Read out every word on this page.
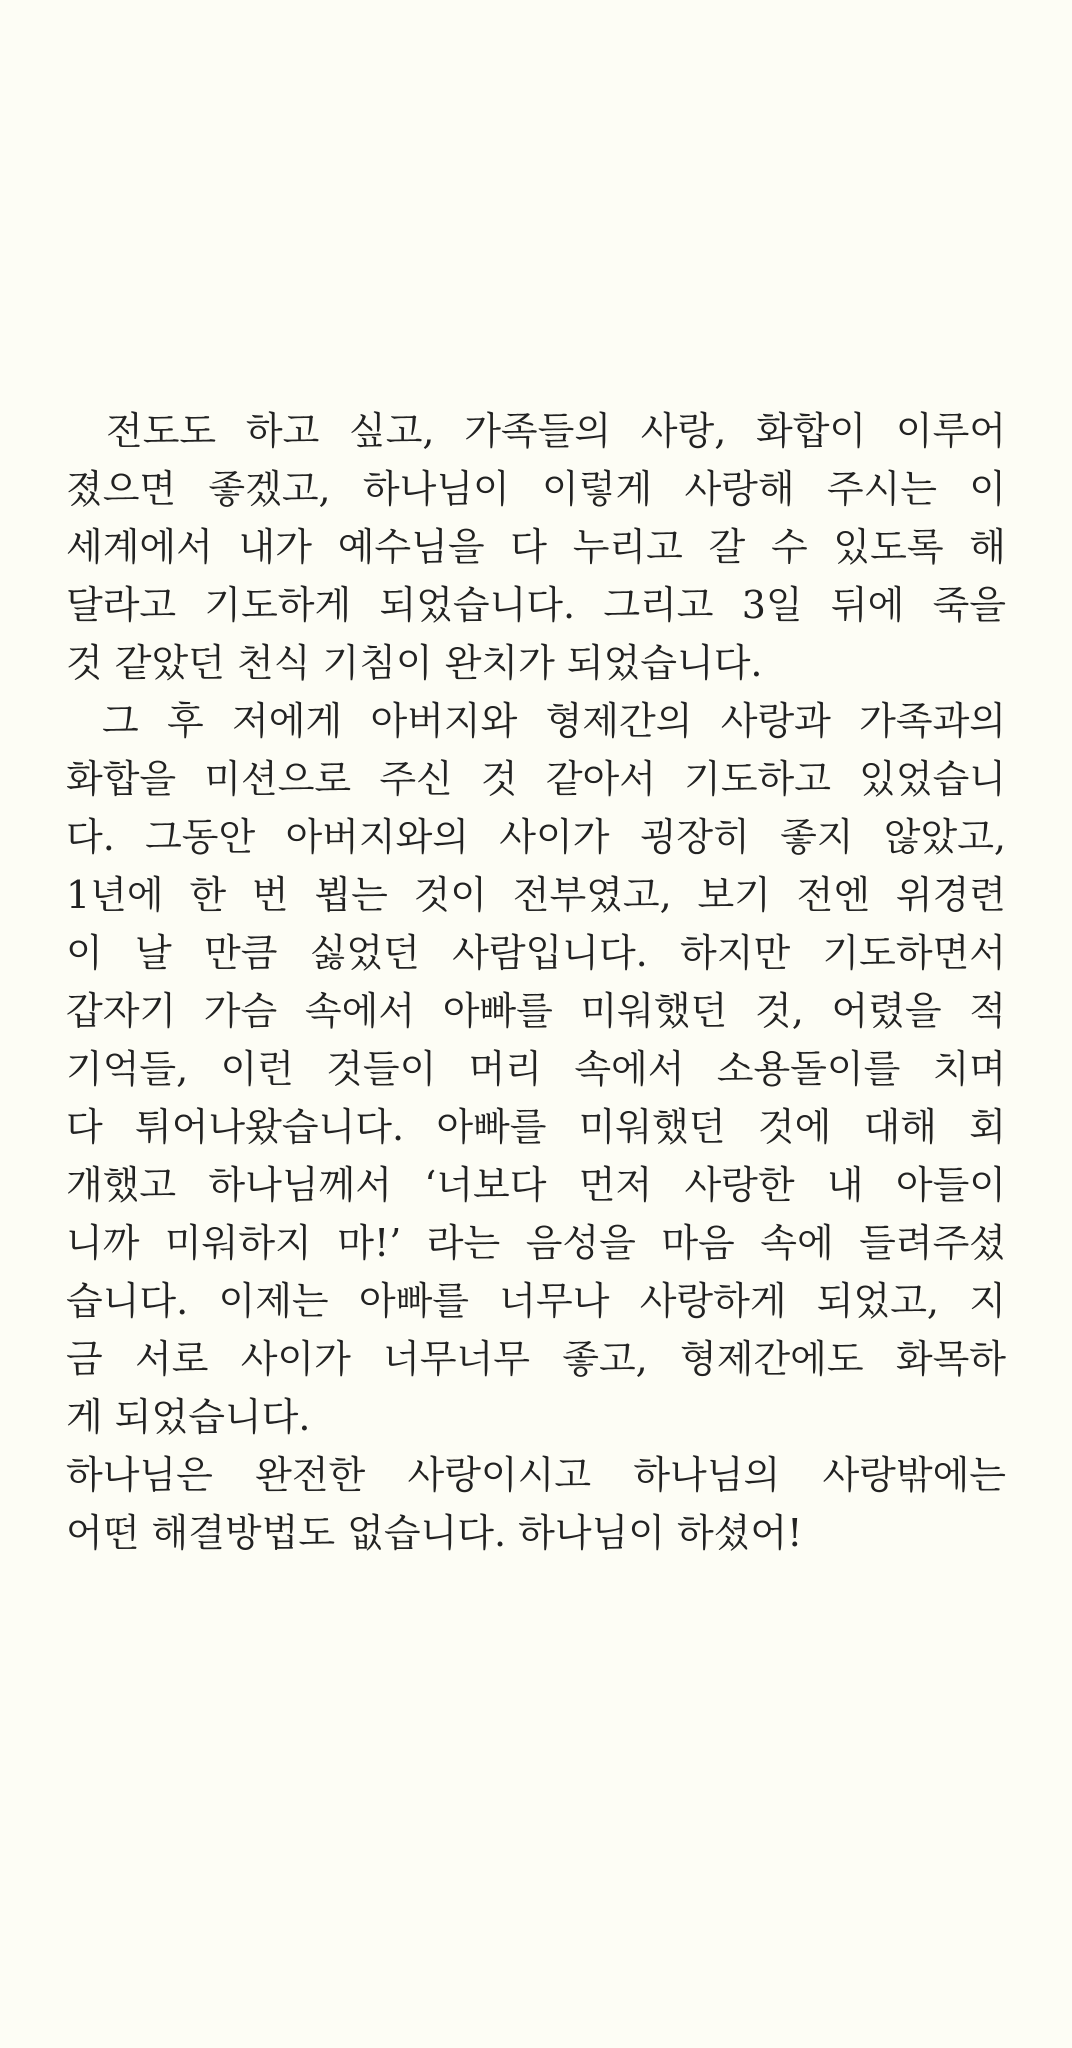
전도도 하고 싶고, 가족들의 사랑, 화합이 이루어
졌으면 좋겠고, 하나님이 이렇게 사랑해 주시는 이
세계에서 내가 예수님을 다 누리고 갈 수 있도록 해
달라고 기도하게 되었습니다. 그리고 3일 뒤에 죽을
것 같았던 천식 기침이 완치가 되었습니다.
그 후 저에게 아버지와 형제간의 사랑과 가족과의
화합을 미션으로 주신 것 같아서 기도하고 있었습니
다. 그동안 아버지와의 사이가 굉장히 좋지 않았고,
1년에 한 번 뵙는 것이 전부였고, 보기 전엔 위경련
이 날 만큼 싫었던 사람입니다. 하지만 기도하면서
갑자기 가슴 속에서 아빠를 미워했던 것, 어렸을 적
기억들, 이런 것들이 머리 속에서 소용돌이를 치며
다 튀어나왔습니다. 아빠를 미워했던 것에 대해 회
개했고 하나님께서 ‘너보다 먼저 사랑한 내 아들이
니까 미워하지 마!’ 라는 음성을 마음 속에 들려주셨
습니다. 이제는 아빠를 너무나 사랑하게 되었고, 지
금 서로 사이가 너무너무 좋고, 형제간에도 화목하
게 되었습니다.
하나님은 완전한 사랑이시고 하나님의 사랑밖에는
어떤 해결방법도 없습니다. 하나님이 하셨어!
